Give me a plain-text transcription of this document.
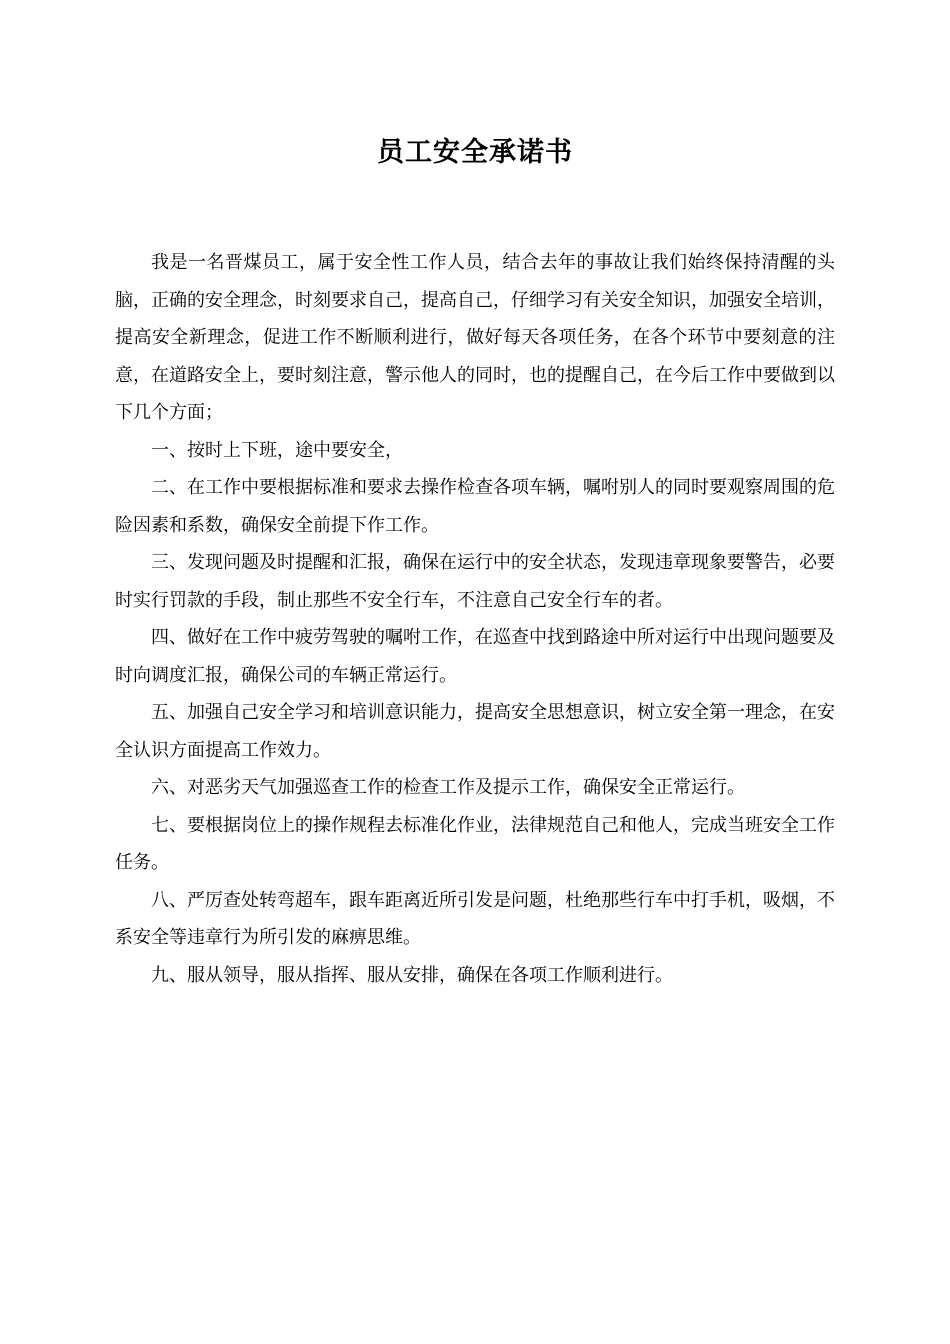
员工安全承诺书

我是一名晋煤员工，属于安全性工作人员，结合去年的事故让我们始终保持清醒的头脑，正确的安全理念，时刻要求自己，提高自己，仔细学习有关安全知识，加强安全培训，提高安全新理念，促进工作不断顺利进行，做好每天各项任务，在各个环节中要刻意的注意，在道路安全上，要时刻注意，警示他人的同时，也的提醒自己，在今后工作中要做到以下几个方面；

一、按时上下班，途中要安全，

二、在工作中要根据标准和要求去操作检查各项车辆，嘱咐别人的同时要观察周围的危险因素和系数，确保安全前提下作工作。

三、发现问题及时提醒和汇报，确保在运行中的安全状态，发现违章现象要警告，必要时实行罚款的手段，制止那些不安全行车，不注意自己安全行车的者。

四、做好在工作中疲劳驾驶的嘱咐工作，在巡查中找到路途中所对运行中出现问题要及时向调度汇报，确保公司的车辆正常运行。

五、加强自己安全学习和培训意识能力，提高安全思想意识，树立安全第一理念，在安全认识方面提高工作效力。

六、对恶劣天气加强巡查工作的检查工作及提示工作，确保安全正常运行。

七、要根据岗位上的操作规程去标准化作业，法律规范自己和他人，完成当班安全工作任务。

八、严厉查处转弯超车，跟车距离近所引发是问题，杜绝那些行车中打手机，吸烟，不系安全等违章行为所引发的麻痹思维。

九、服从领导，服从指挥、服从安排，确保在各项工作顺利进行。
